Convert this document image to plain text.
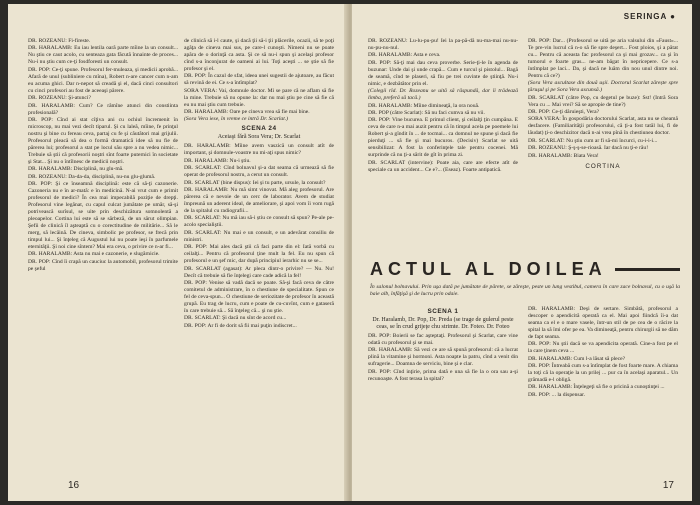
DR. ROZEANU: Fi-fireste.

DR. HARALAMB: Eu iau lentila oară parte mîine la un consult... Nu ştiu ce caut acolo, cu senteaza gata făcută înnainte de proces... Nu-i nu ştiu cum ce-ţi fosdforesti un consult.

DR. POP: Ce-ţi spune. Profesorul fer-muleaza, şi medicii aprobă... Afară de unul (subliniere cu mîna), Robert n-are cancer cum n-am eu acuma ghici. Dar n-nepot să creadă şi el, dacă cinci consultori cu cinci profesori au fost de aceeaşi părere.

DR. ROZEANU: Şi-atunci?

DR. HARALAMB: Cum? Ce rămîne atunci din constiinta profesională?

DR. POP: Cînd ai stat cîţiva ani cu ochiul încremenit în microscop, nu mai vezi decît tiparul. Şi cu laleă, mîine, fe prinţul nostru şi bine cu fereau ceva, partaj cu fe şi căutători mai grijulii. Profesorul pleacă să dea o formă dramatică idee să nu fie de părerea lui; profesorul a stat pe locul său spre a nu vedea nimic... Trebuie să ştii că profesorii noştri sînt foarte puternici în societate şi Stat... Şi nu o întîlnesc de medicii noştri.

DR. HARALAMB: Disciplină, nu glu-mă.

DR. ROZEANU: Da-da-da, disciplină, nu-nu glu-glumă.

DR. POP: Şi ce înseamnă disciplină: este că să-ţi cazonerie. Cazoneria nu e în ar-mată: e în medicină. N-ai vrut cum e primit profesorul de medici? În cea mai impecabilă poziţie de drepţi. Profesorul vine legănat, cu capul culcat jumătate pe umăr, să-şi potrivească surîsul, se uite prin deschizătura somnolentă a pleoapelor. Cortina lui este să se sărbeză, de un sărut olimpian. Şefii de clinică îl aşteaptă cu o corectitudine de militărie... Să le merg, să lecăină. De cineva, simbolic pe profesor, se frecă prin timpul lui... Şi înţeleg că Augustul lui nu poate ieşi în parfumele eternităţii. Şi noi cine sîntem? Mai era ceva, o privire ce n-ar fi...

DR. HARALAMB: Asta nu mai e cazonerie, e slugărnicie.

DR. POP: Cînd îi crapă un cauciuc la automobil, profesorul trimite pe şeful

de clinică să i-l caute, şi dacă ţii să-i ţii plăcerile, ocazii, să te poţi agăţa de cineva mai sus, pe care-l cunoşti. Nimeni nu se poate apăra de o dorinţă ca asta. Şi ce să nu-i spun şi acelaşi profesor cînd s-a înconjurat de oameni ai lui. Toţi aceşti ... se ştie să fie profesor şi el.

DR. POP: În cazul de sfat, ideea unei sugestii de ajutoare, au făcut să revină de ei. Ce s-a întîmplat?

SORA VERA: Vai, domnule doctor. Mi se pare că ne aflam să fie la mine. Trebuie să nu opune la: dar nu mai ştiu pe cine să fie că eu nu mai ştiu cum trebuie.

DR. HARALAMB: Oare pe cineva vrea să fie mai bine.

(Sora Vera iese, în vreme ce intră Dr. Scarlat.)

SCENA 24
Aceiaşi fără Sora Vera; Dr. Scarlat

DR. HARALAMB: Mîine avem vaszică un consult atît de important, şi domnule-voastre nu mi-aţi spus nimic?

DR. HARALAMB: Nu-i ştiu.

DR. SCARLAT: Cînd bolnavul şi-a dat seama că urmează să fie operat de profesorul nostru, a cerut un consult.

DR. SCARLAT (bine dispus): Iei şi tu parte, ursule, la consult?

DR. HARALAMB: Nu mă simt vinovat. Mă aleg profesorul. Are părerea că e nevoie de un cerc de laborator. Avem de studiat împreună un aderent ideal, de ameliorare, şi apoi vom îi vom rugă de la spitalul cu radiografii...

DR. SCARLAT: Nu mă iau să-i știu ce consult să spun? Pe-ale pe-acolo specialiştii.

DR. SCARLAT: Nu mai e un consult, e un adevărat consiliu de ministri.

DR. POP: Mai ales dacă ştii că faci parte din el: Iată vorbă cu ceilalţi... Pentru că profesorul ţine mult la fel. Eu nu spun că profesorul e un şef mic, dar după principiul ierarhic nu se se...

DR. SCARLAT (agasat): Ar pleca dintr-o privire? — Nu. Nu! Decît că trebuie să fie înţelegi care cade adică la fel!

DR. POP: Venise să vadă dacă se poate. Să-şi facă ceva de câtre comitetul de administrare, în o chestiune de specialitate. Spun ce fel de ceva-spun... O chestiune de seriozitate de profesor în această grupă. Eu trag de lucru, cum e poate de cu-cuvînt, cum e gataseră în care trebuie să... Să înţeleg că... şi nu ştie.

DR. SCARLAT: Şi dacă nu sînt de acord cu...

DR. POP: Ar fi de dorit să fii mai puţin indiscret...

16
SERINGA ●

DR. ROZEANU: Lu-lu-pu-pu! Iei la pa-pă-dă nu-ma-mai nu-nu-nu-pu-nu-nul.

DR. HARALAMB: Asta e ceva.

DR. POP: Să-ţi mai dau ceva proverbe. Serie-ţi-le în agenda de buzunar: Unde dai şi unde crapă... Cum e turcul şi pistolul... Bagă de seamă, cînd te plaseri, să fiu pe trei cuvinte de ştiinţă. Nu-i nimic, e dezbătător prin el.

(Colegii rîd. Dr. Rozeanu se uită să răspundă, dar îi trădează limba, preferă să tacă.)

DR. HARALAMB: Mîine dimineaţă, la ora nouă.

DR. POP (către Scarlat): Să nu faci cumva să nu vii.

DR. POP: Vine bucurea. E primul client, şi ceilalţi ţin cumpăna. E ceva de care n-a mai auzit pentru că în timpul acela pe poemele lui Robert şi-a gîndit în ... de tocmai... ca domnul ne spune şi dacă fie pierduţi ... să fie şi mai bucuros. (Decisiv) Scarlat se uită sensibilizat: A fost la conferinţele tale pentru cocenei. Mă surprinde că nu ţi-a sărit de gît în prima zi.

DR. SCARLAT (intervine): Poate aia, care are efecte atît de speciale ca un accident... Ce e?... (Eseaz). Foarte antipatică.

DR. POP: Dar... (Profesorul se uită pe aria valsului din «Faust»... Te pre-vin lucrul că n-o să fie spre deşert... Fost ploios, şi a pătat cu... Pentru că aceasta fac profesorul ca şi mai grozav... ca şi în tumorul e foarte gras... ne-am băgat în nepricepere. Ce s-a întîmplat pe laci... Da, şi dacă ne luăm din nou unul dintre noi. Pentru că ce?)

(Sora Vera ascultase din două ușii. Doctorul Scarlat zărește spre ţăruşul şi pe Sora Vera ascunsă.)

DR. SCARLAT (către Pop, cu degetul pe buze): Sst! (Intră Sora Vera cu ... Mai vrei? Să se apropie de tine?)

DR. POP: Ce-ţi dăruieşti, Vera?

SORA VERA: În gospodăria doctorului Scarlat, asta nu se cheamă desfacere. (Familiarităţii profesorului, că ţi-a fost tatăl lui, fi de lăudat) ţi-o deschizitor dacă n-ai vrea pînă în chestiunea doctor.

DR. SCARLAT: Nu ştiu cum ar fi să-mi încurci, cu-i-i-i...

DR. ROZEANU: Ş-ş-ş-se-rioasă. Iar dacă nu ţi-e rău!

DR. HARALAMB: Biata Vera!

CORTINA
ACTUL AL DOILEA
În salonul bolnavului. Prin uşa dată pe jumătate de părete, se zăreşte, peste un lung vestibul, camera în care zace bolnavul, cu o uşă la baie alb, înfăţişă şi de lucru prin odaie.
SCENA 1
Dr. Haralamb, Dr. Pop, Dr. Preda (se trage de gulerul peste ceas, se în crud grijeţe chu strimte. Dr. Foteo. Dr. Foteo

DR. POP: Boierii se fac aşteptaţi. Profesorul şi Scarlat, care vine odată cu profesorul şi se mai.

DR. HARALAMB: Să vezi ce are să spună profesorul: că a lucrat plină la vitamine şi hormoni. Asta noapte la patru, cînd a venit din sufragerie... Doamna de serviciu, bine şi e clar.

DR. POP: Cînd inţirie, prima dată e una să fie la o ora sau a-şi recunoaşte. A fost terasa la spital?

DR. HARALAMB: Deşi de sertare. Simbătă, profesorul a descoper o apendicită operată ca el. Mai apoi fiindcă îi-a dat seama ca el e o mare vasele, într-un stil de pe cea de o răcire la spital la să îmi ofer pe ea. Va dimineaţă, pentru chirurgii să ne dăm de fapt seama.

DR. POP: Nu ştii dacă se va apendicita operată. Cine-a fost pe el la care ţinem ceva ...

DR. HARALAMB: Cum l-a lăsat să plece?

DR. POP: Întreabă cum s-a întîmplat de fost foarte mare. A chiama la toţi că la operaţie la un prilej ... pur ca în acelaşi aparatul... Un grămadă e-l obligă.

DR. HARALAMB: Înţelegeţi să fie o pricină a cunoştinţei ...

DR. POP: ... la dispensar.

17
